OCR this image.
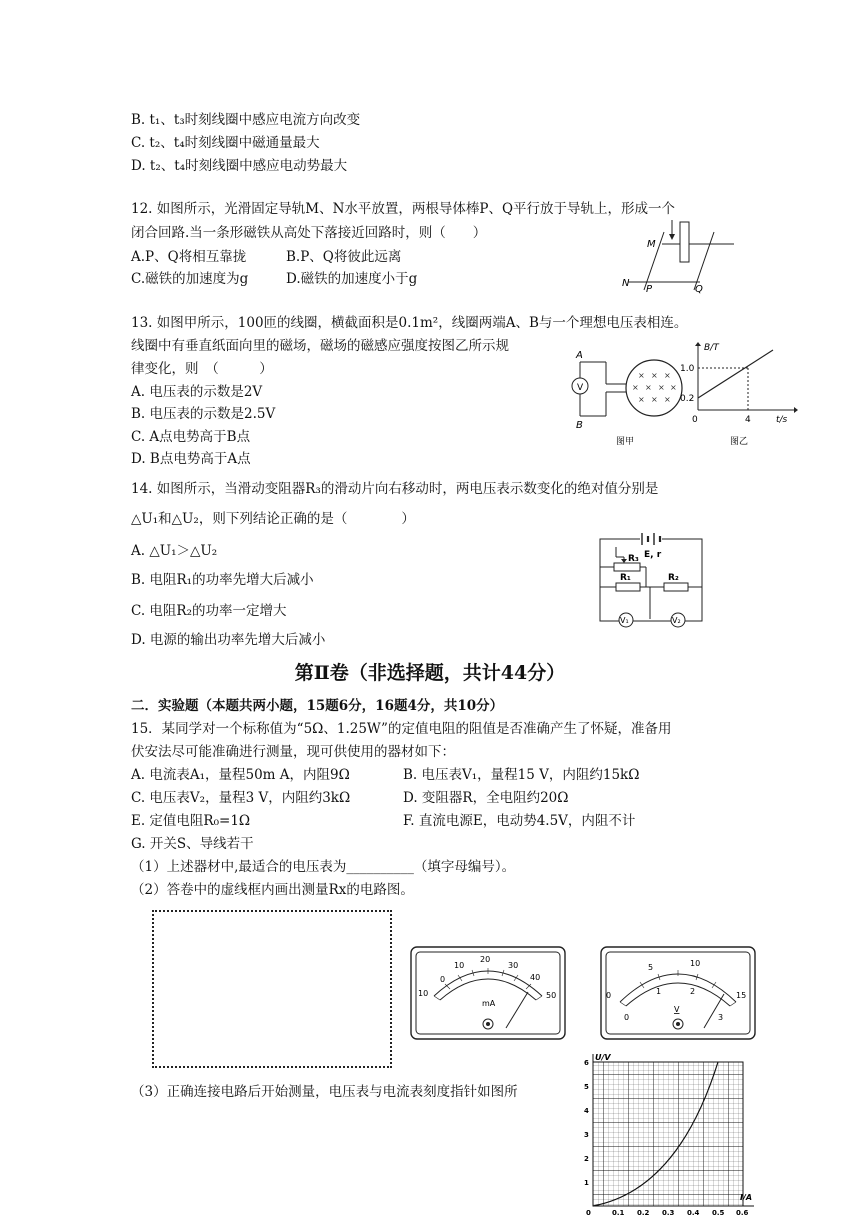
B. t₁、t₃时刻线圈中感应电流方向改变
C. t₂、t₄时刻线圈中磁通量最大
D. t₂、t₄时刻线圈中感应电动势最大
12. 如图所示，光滑固定导轨M、N水平放置，两根导体棒P、Q平行放于导轨上，形成一个
闭合回路.当一条形磁铁从高处下落接近回路时，则（　　）
A.P、Q将相互靠拢	B.P、Q将彼此远离
C.磁铁的加速度为g	D.磁铁的加速度小于g
M
N
P	Q
13. 如图甲所示，100匝的线圈，横截面积是0.1m²，线圈两端A、B与一个理想电压表相连。
线圈中有垂直纸面向里的磁场，磁场的磁感应强度按图乙所示规
律变化，则　（　　　）
A. 电压表的示数是2V
B. 电压表的示数是2.5V
C. A点电势高于B点
D. B点电势高于A点
A
B
V
× × ×
× × × ×
× × ×
图甲
B/T
1.0
0.2
0	4	t/s
图乙
14. 如图所示，当滑动变阻器R₃的滑动片向右移动时，两电压表示数变化的绝对值分别是
△U₁和△U₂，则下列结论正确的是（　　　　）
A. △U₁＞△U₂
B. 电阻R₁的功率先增大后减小
C. 电阻R₂的功率一定增大
D. 电源的输出功率先增大后减小
E, r
R₃
R₁	R₂
V₁	V₂
第Ⅱ卷（非选择题，共计44分）
二．实验题（本题共两小题，15题6分，16题4分，共10分）
15．某同学对一个标称值为“5Ω、1.25W”的定值电阻的阻值是否准确产生了怀疑，准备用
伏安法尽可能准确进行测量，现可供使用的器材如下：
A. 电流表A₁，量程50m A，内阻9Ω	B. 电压表V₁，量程15 V，内阻约15kΩ
C. 电压表V₂，量程3 V，内阻约3kΩ	D. 变阻器R，全电阻约20Ω
E. 定值电阻R₀=1Ω	F. 直流电源E，电动势4.5V，内阻不计
G. 开关S、导线若干
（1）上述器材中,最适合的电压表为__________（填字母编号）。
（2）答卷中的虚线框内画出测量Rx的电路图。
10
0
10
20
30
40
50
mA
0
5	10
15
0
1	2
3
V
（3）正确连接电路后开始测量，电压表与电流表刻度指针如图所
U/V
I/A
1
2
3
4
5
6
0	0.1 0.2 0.3 0.4 0.5 0.6
